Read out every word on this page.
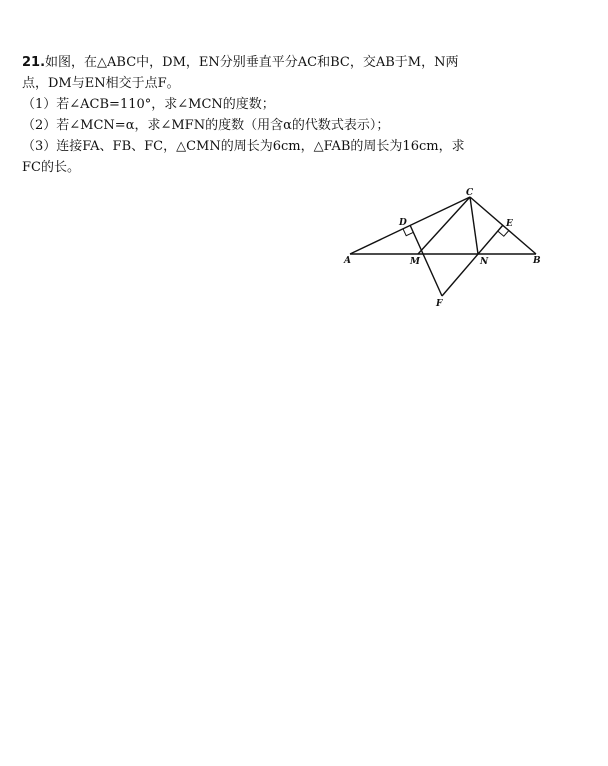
21.如图，在△ABC中，DM，EN分别垂直平分AC和BC，交AB于M，N两

点，DM与EN相交于点F。

（1）若∠ACB=110°，求∠MCN的度数；

（2）若∠MCN=α，求∠MFN的度数（用含α的代数式表示）；

（3）连接FA、FB、FC，△CMN的周长为6cm，△FAB的周长为16cm，求

FC的长。

A	B
C
D	E
M	N
F
